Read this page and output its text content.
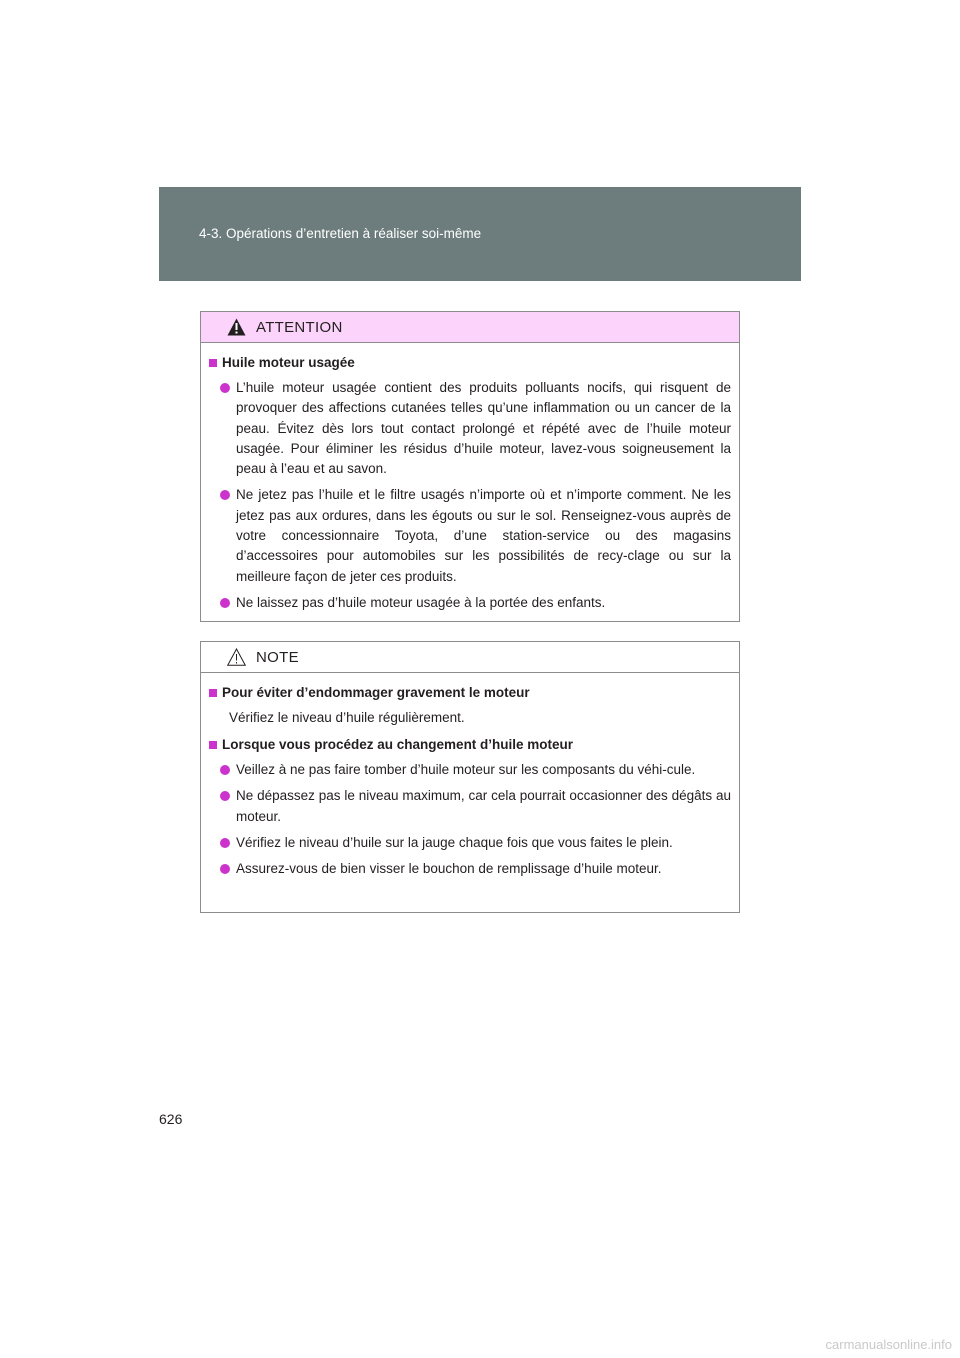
4-3. Opérations d’entretien à réaliser soi-même
ATTENTION
Huile moteur usagée
L’huile moteur usagée contient des produits polluants nocifs, qui risquent de provoquer des affections cutanées telles qu’une inflammation ou un cancer de la peau. Évitez dès lors tout contact prolongé et répété avec de l’huile moteur usagée. Pour éliminer les résidus d’huile moteur, lavez-vous soigneusement la peau à l’eau et au savon.
Ne jetez pas l’huile et le filtre usagés n’importe où et n’importe comment. Ne les jetez pas aux ordures, dans les égouts ou sur le sol. Renseignez-vous auprès de votre concessionnaire Toyota, d’une station-service ou des magasins d’accessoires pour automobiles sur les possibilités de recy-clage ou sur la meilleure façon de jeter ces produits.
Ne laissez pas d’huile moteur usagée à la portée des enfants.
NOTE
Pour éviter d’endommager gravement le moteur
Vérifiez le niveau d’huile régulièrement.
Lorsque vous procédez au changement d’huile moteur
Veillez à ne pas faire tomber d’huile moteur sur les composants du véhi-cule.
Ne dépassez pas le niveau maximum, car cela pourrait occasionner des dégâts au moteur.
Vérifiez le niveau d’huile sur la jauge chaque fois que vous faites le plein.
Assurez-vous de bien visser le bouchon de remplissage d’huile moteur.
626
carmanualsonline.info
